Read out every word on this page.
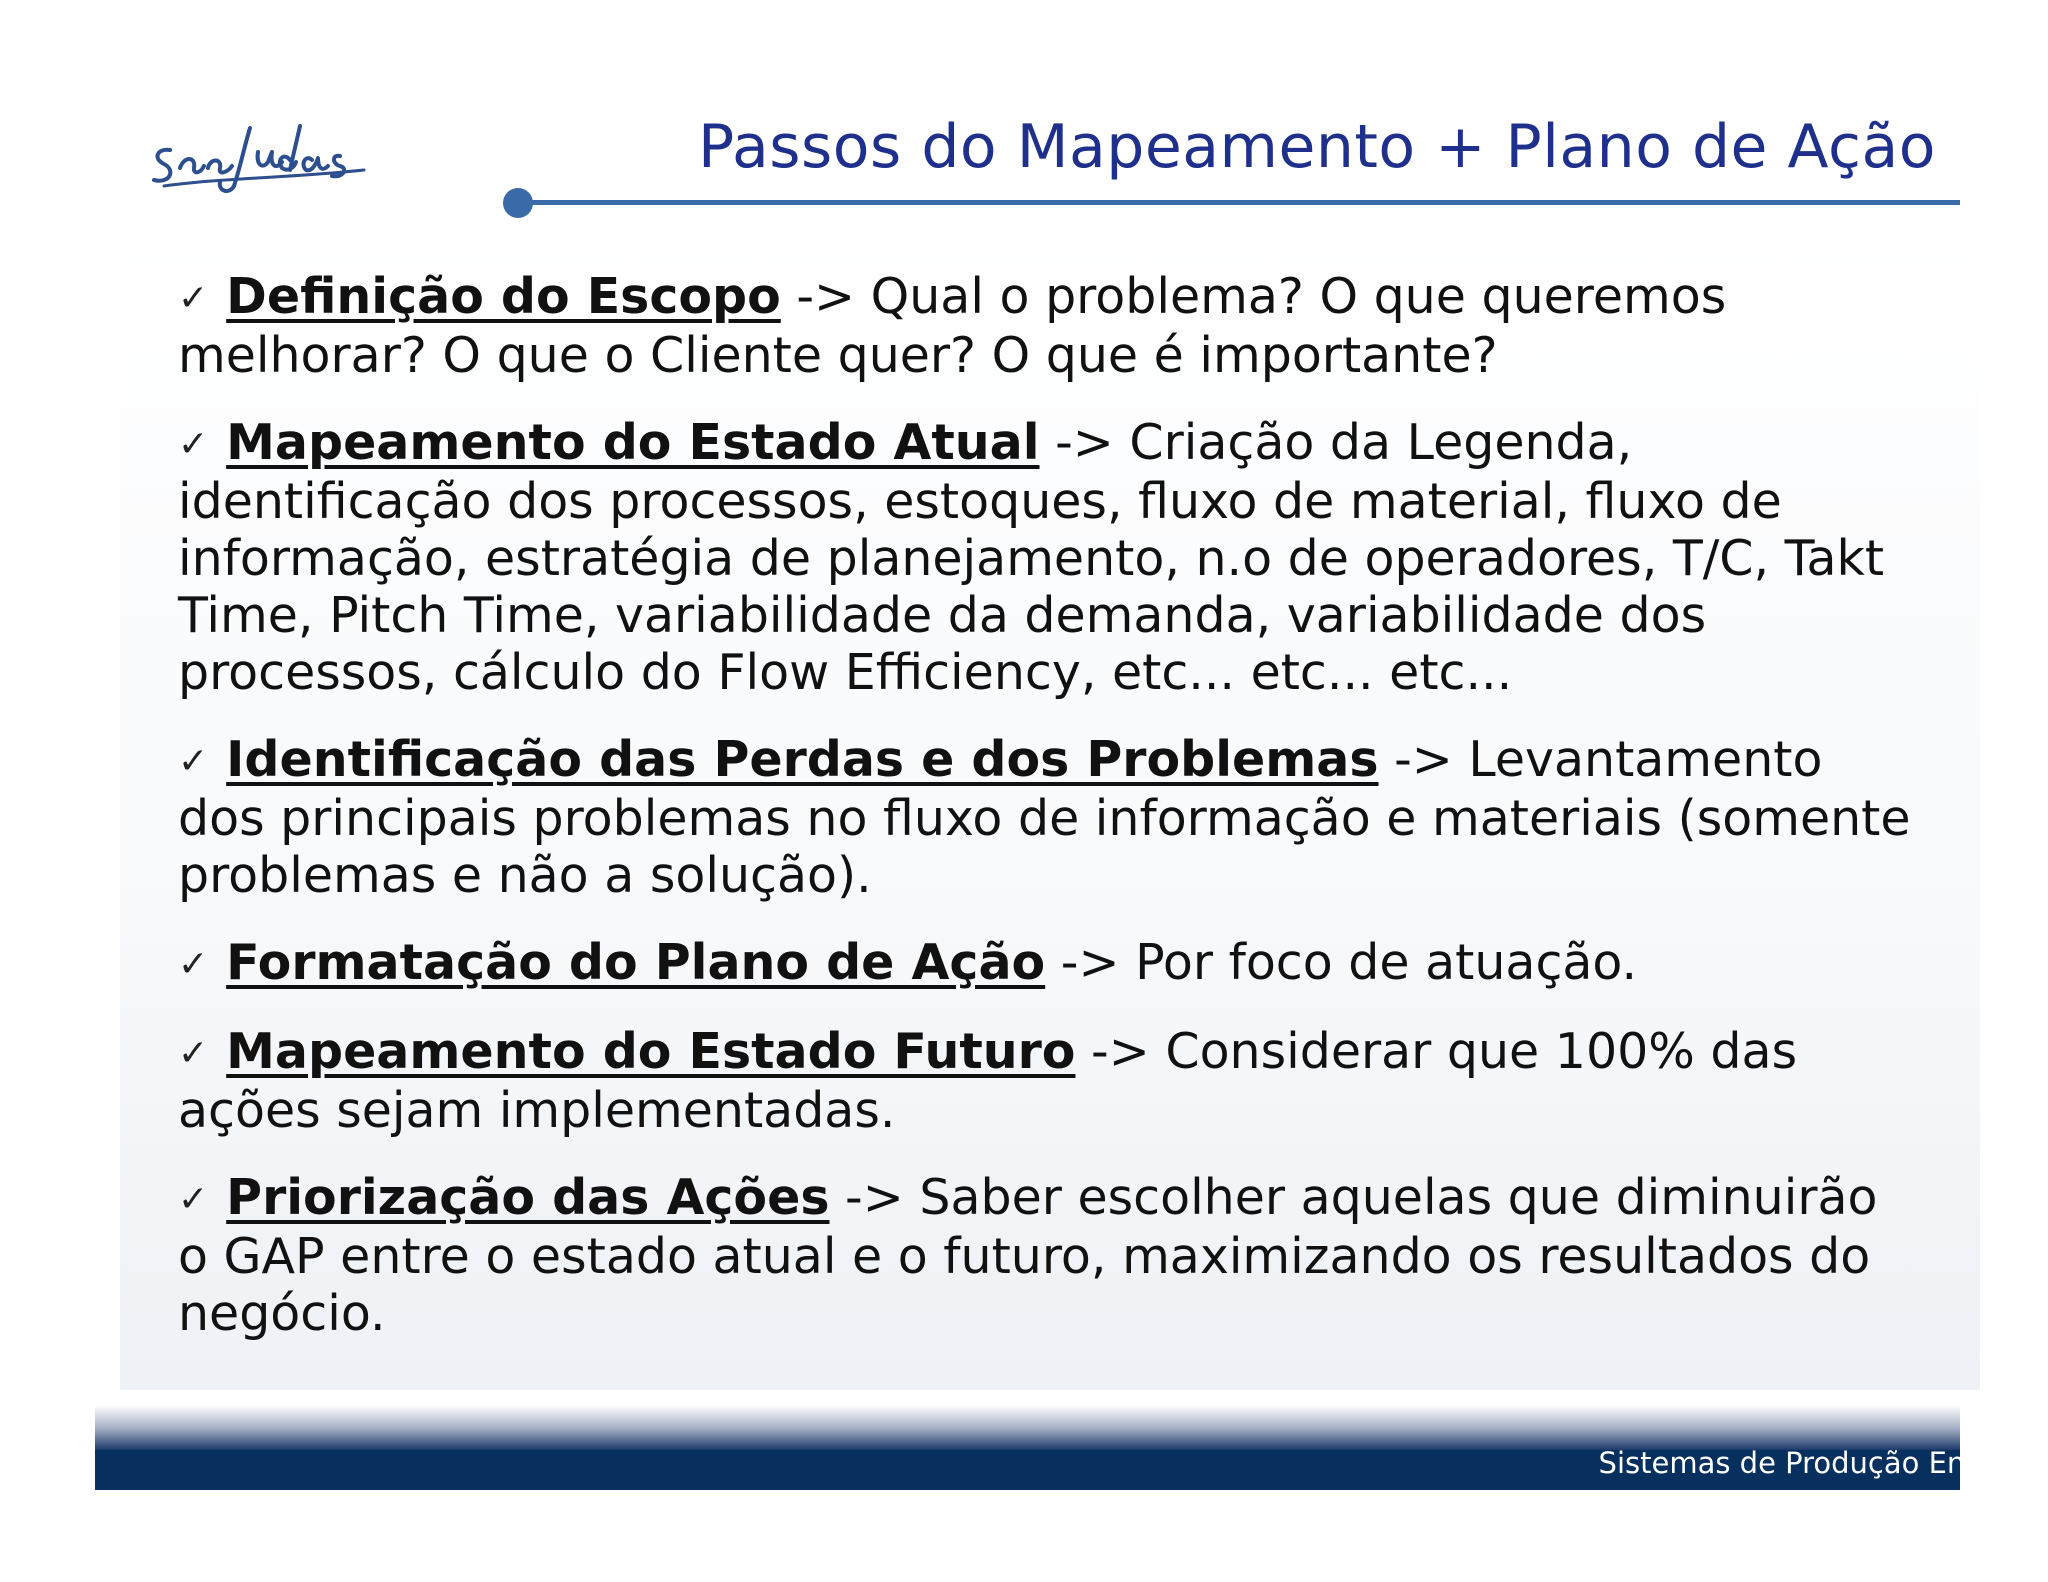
Passos do Mapeamento + Plano de Ação
✓ Definição do Escopo -> Qual o problema? O que queremos melhorar? O que o Cliente quer? O que é importante?
✓ Mapeamento do Estado Atual -> Criação da Legenda, identificação dos processos, estoques, fluxo de material, fluxo de informação, estratégia de planejamento, n.o de operadores, T/C, Takt Time, Pitch Time, variabilidade da demanda, variabilidade dos processos, cálculo do Flow Efficiency, etc... etc... etc...
✓ Identificação das Perdas e dos Problemas -> Levantamento dos principais problemas no fluxo de informação e materiais (somente problemas e não a solução).
✓ Formatação do Plano de Ação -> Por foco de atuação.
✓ Mapeamento do Estado Futuro -> Considerar que 100% das ações sejam implementadas.
✓ Priorização das Ações -> Saber escolher aquelas que diminuirão o GAP entre o estado atual e o futuro, maximizando os resultados do negócio.
Sistemas de Produção Enxuta
